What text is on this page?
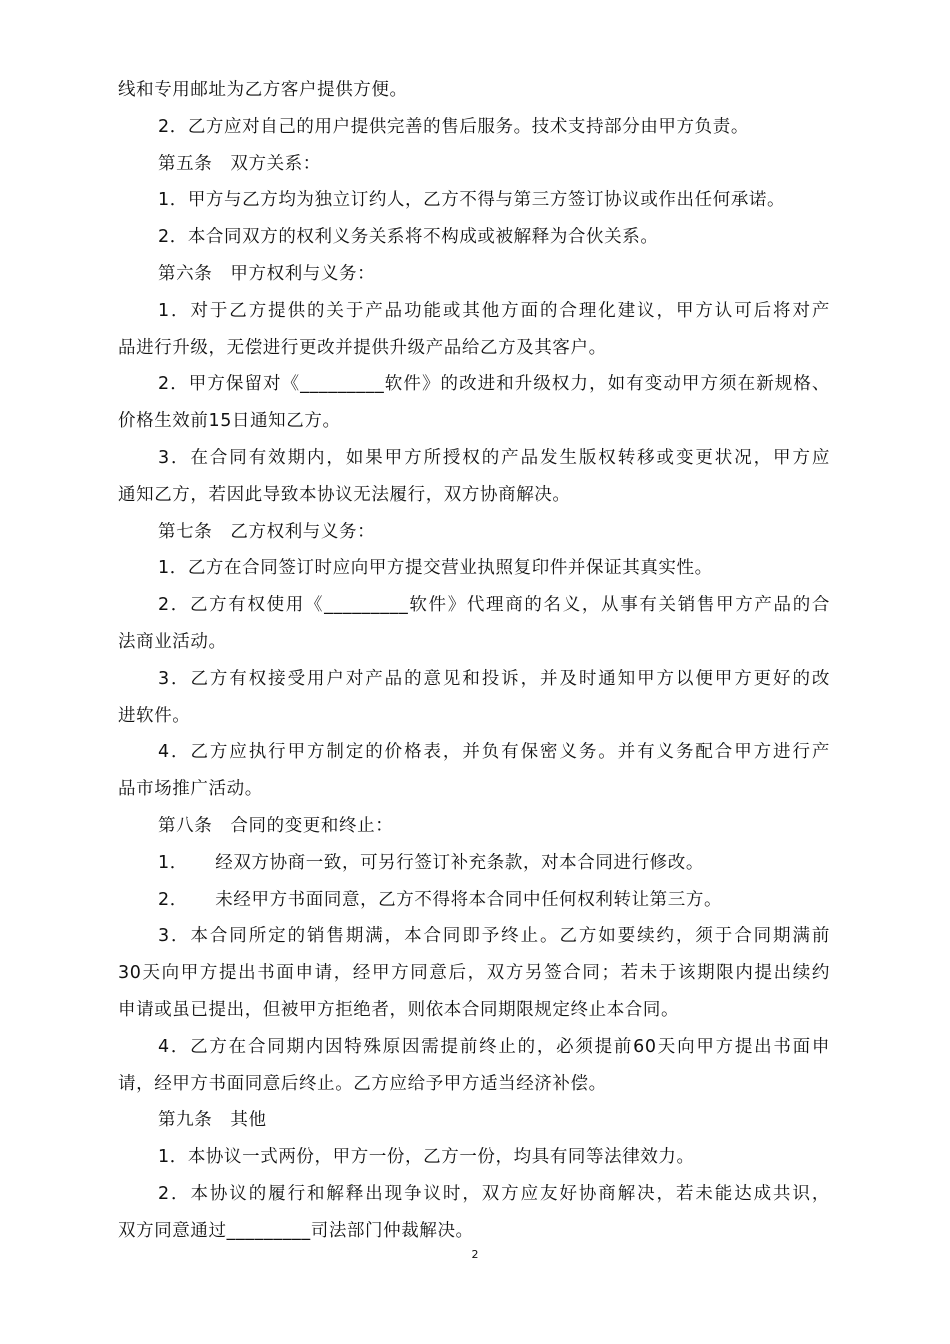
线和专用邮址为乙方客户提供方便。
2．乙方应对自己的用户提供完善的售后服务。技术支持部分由甲方负责。
第五条　双方关系：
1．甲方与乙方均为独立订约人，乙方不得与第三方签订协议或作出任何承诺。
2．本合同双方的权利义务关系将不构成或被解释为合伙关系。
第六条　甲方权利与义务：
1．对于乙方提供的关于产品功能或其他方面的合理化建议，甲方认可后将对产
品进行升级，无偿进行更改并提供升级产品给乙方及其客户。
2．甲方保留对《_________软件》的改进和升级权力，如有变动甲方须在新规格、
价格生效前15日通知乙方。
3．在合同有效期内，如果甲方所授权的产品发生版权转移或变更状况，甲方应
通知乙方，若因此导致本协议无法履行，双方协商解决。
第七条　乙方权利与义务：
1．乙方在合同签订时应向甲方提交营业执照复印件并保证其真实性。
2．乙方有权使用《_________软件》代理商的名义，从事有关销售甲方产品的合
法商业活动。
3．乙方有权接受用户对产品的意见和投诉，并及时通知甲方以便甲方更好的改
进软件。
4．乙方应执行甲方制定的价格表，并负有保密义务。并有义务配合甲方进行产
品市场推广活动。
第八条　合同的变更和终止：
1．　　经双方协商一致，可另行签订补充条款，对本合同进行修改。
2．　　未经甲方书面同意，乙方不得将本合同中任何权利转让第三方。
3．本合同所定的销售期满，本合同即予终止。乙方如要续约，须于合同期满前
30天向甲方提出书面申请，经甲方同意后，双方另签合同；若未于该期限内提出续约
申请或虽已提出，但被甲方拒绝者，则依本合同期限规定终止本合同。
4．乙方在合同期内因特殊原因需提前终止的，必须提前60天向甲方提出书面申
请，经甲方书面同意后终止。乙方应给予甲方适当经济补偿。
第九条　其他
1．本协议一式两份，甲方一份，乙方一份，均具有同等法律效力。
2．本协议的履行和解释出现争议时，双方应友好协商解决，若未能达成共识，
双方同意通过_________司法部门仲裁解决。
2
